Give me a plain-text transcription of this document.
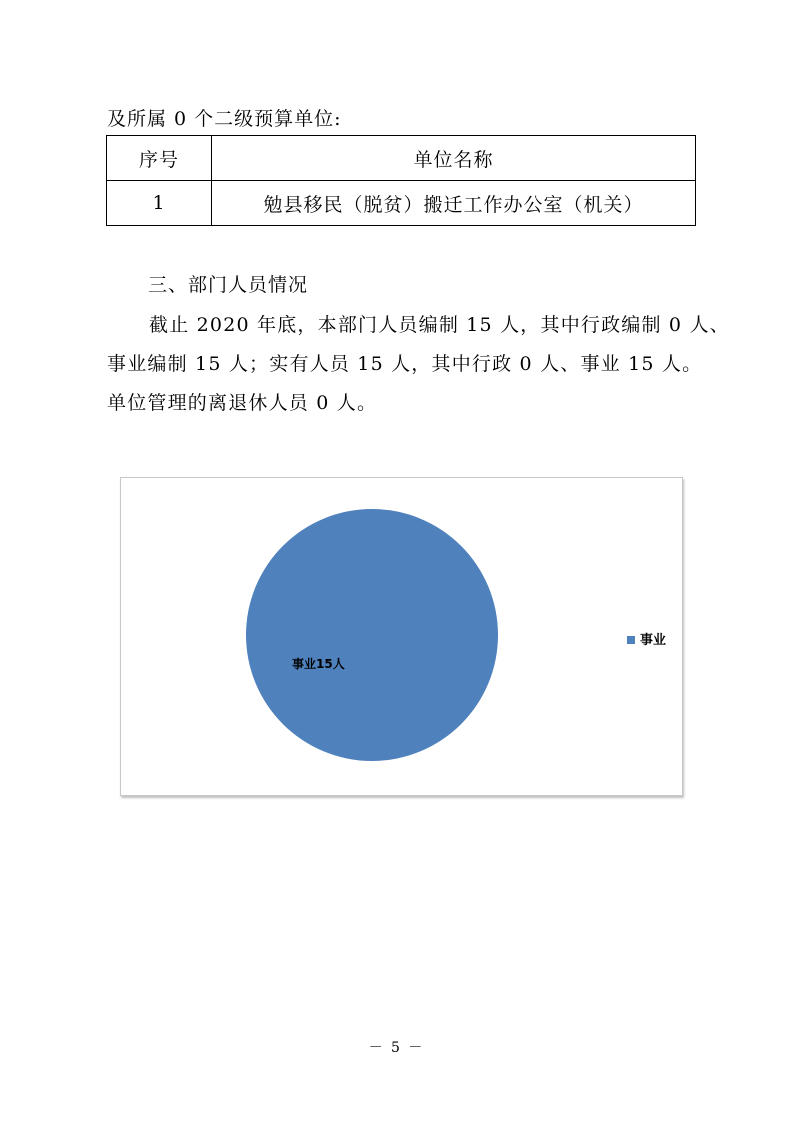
及所属 0 个二级预算单位:
序号	单位名称
1	勉县移民（脱贫）搬迁工作办公室（机关）
三、部门人员情况
截止 2020 年底，本部门人员编制 15 人，其中行政编制 0 人、
事业编制 15 人；实有人员 15 人，其中行政 0 人、事业 15 人。
单位管理的离退休人员 0 人。
事业15人
事业
－ 5 －
